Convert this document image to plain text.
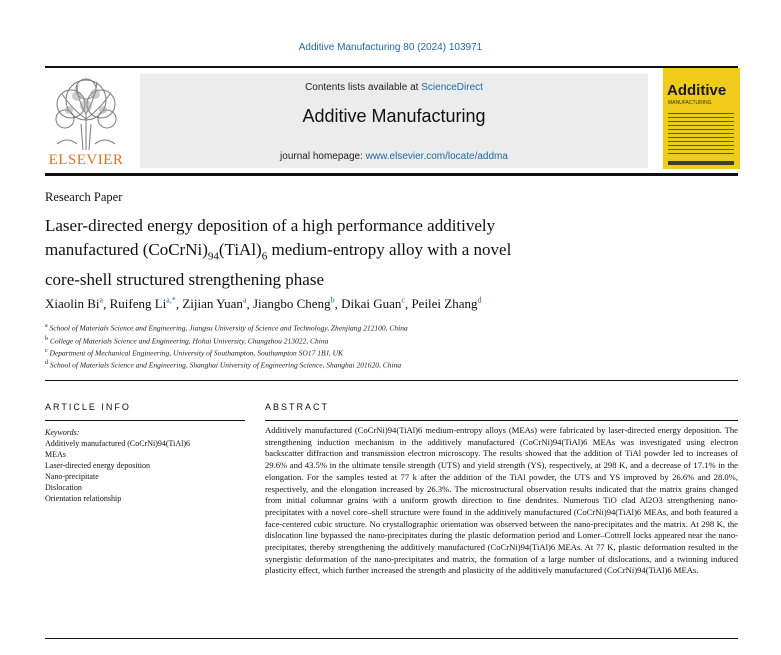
Additive Manufacturing 80 (2024) 103971
ELSEVIER
Contents lists available at ScienceDirect
Additive Manufacturing
journal homepage: www.elsevier.com/locate/addma
Additive
MANUFACTURING
Research Paper
Laser-directed energy deposition of a high performance additively
manufactured $(CoCrNi)_{94}(TiAl)_6$ medium-entropy alloy with a novel
core-shell structured strengthening phase
Xiaolin Bi$^a$, Ruifeng $Li^{a,*}$, Zijian Yuan$^a$, Jiangbo Cheng$^b$, Dikai Guan$^c$, Peilei Zhang$^d$
$^a$ School of Materials Science and Engineering, Jiangsu University of Science and Technology, Zhenjiang 212100, China
$^b$ College of Materials Science and Engineering, Hohai University, Changzhou 213022, China
$^c$ Department of Mechanical Engineering, University of Southampton, Southampton SO17 1BJ, UK
$^d$ School of Materials Science and Engineering, Shanghai University of Engineering Science, Shanghai 201620, China
ARTICLE INFO	ABSTRACT
Keywords:
Additively manufactured (CoCrNi)94(TiAl)6
MEAs
Laser-directed energy deposition
Nano-precipitate
Dislocation
Orientation relationship
Additively manufactured (CoCrNi)94(TiAl)6 medium-entropy alloys (MEAs) were fabricated by laser-directed energy deposition. The strengthening induction mechanism in the additively manufactured (CoCrNi)94(TiAl)6 MEAs was investigated using electron backscatter diffraction and transmission electron microscopy. The results showed that the addition of TiAl powder led to increases of 29.6% and 43.5% in the ultimate tensile strength (UTS) and yield strength (YS), respectively, at 298 K, and a decrease of 17.1% in the elongation. For the samples tested at 77 k after the addition of the TiAl powder, the UTS and YS improved by 26.6% and 28.0%, respectively, and the elongation increased by 26.3%. The microstructural observation results indicated that the matrix grains changed from initial columnar grains with a uniform growth direction to fine dendrites. Numerous TiO clad Al2O3 strengthening nano-precipitates with a novel core–shell structure were found in the additively manufactured (CoCrNi)94(TiAl)6 MEAs, and both featured a face-centered cubic structure. No crystallographic orientation was observed between the nano-precipitates and the matrix. At 298 K, the dislocation line bypassed the nano-precipitates during the plastic deformation period and Lomer–Cottrell locks appeared near the nano-precipitates, thereby strengthening the additively manufactured (CoCrNi)94(TiAl)6 MEAs. At 77 K, plastic deformation resulted in the synergistic deformation of the nano-precipitates and matrix, the formation of a large number of dislocations, and a twinning induced plasticity effect, which further increased the strength and plasticity of the additively manufactured (CoCrNi)94(TiAl)6 MEAs.
